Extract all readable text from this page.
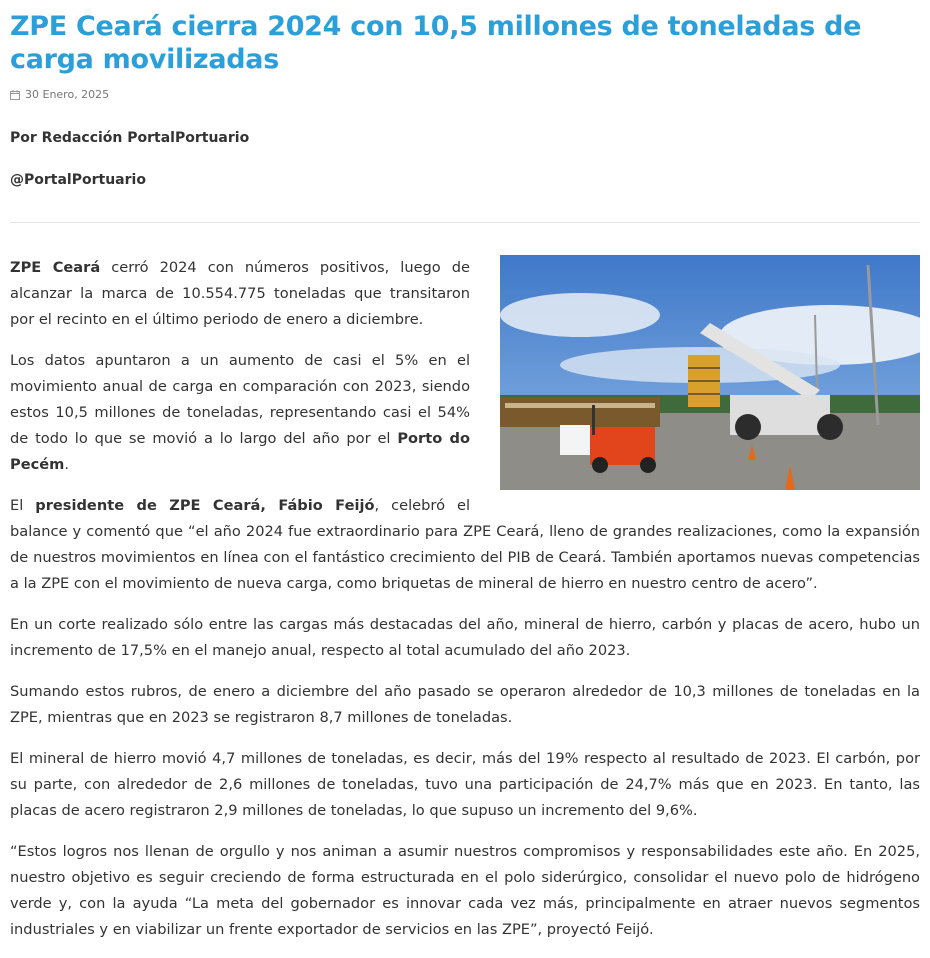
ZPE Ceará cierra 2024 con 10,5 millones de toneladas de carga movilizadas
30 Enero, 2025
Por Redacción PortalPortuario
@PortalPortuario

ZPE Ceará cerró 2024 con números positivos, luego de alcanzar la marca de 10.554.775 toneladas que transitaron por el recinto en el último periodo de enero a diciembre.

Los datos apuntaron a un aumento de casi el 5% en el movimiento anual de carga en comparación con 2023, siendo estos 10,5 millones de toneladas, representando casi el 54% de todo lo que se movió a lo largo del año por el Porto do Pecém.

El presidente de ZPE Ceará, Fábio Feijó, celebró el balance y comentó que “el año 2024 fue extraordinario para ZPE Ceará, lleno de grandes realizaciones, como la expansión de nuestros movimientos en línea con el fantástico crecimiento del PIB de Ceará. También aportamos nuevas competencias a la ZPE con el movimiento de nueva carga, como briquetas de mineral de hierro en nuestro centro de acero”.

En un corte realizado sólo entre las cargas más destacadas del año, mineral de hierro, carbón y placas de acero, hubo un incremento de 17,5% en el manejo anual, respecto al total acumulado del año 2023.

Sumando estos rubros, de enero a diciembre del año pasado se operaron alrededor de 10,3 millones de toneladas en la ZPE, mientras que en 2023 se registraron 8,7 millones de toneladas.

El mineral de hierro movió 4,7 millones de toneladas, es decir, más del 19% respecto al resultado de 2023. El carbón, por su parte, con alrededor de 2,6 millones de toneladas, tuvo una participación de 24,7% más que en 2023. En tanto, las placas de acero registraron 2,9 millones de toneladas, lo que supuso un incremento del 9,6%.

“Estos logros nos llenan de orgullo y nos animan a asumir nuestros compromisos y responsabilidades este año. En 2025, nuestro objetivo es seguir creciendo de forma estructurada en el polo siderúrgico, consolidar el nuevo polo de hidrógeno verde y, con la ayuda “La meta del gobernador es innovar cada vez más, principalmente en atraer nuevos segmentos industriales y en viabilizar un frente exportador de servicios en las ZPE”, proyectó Feijó.
